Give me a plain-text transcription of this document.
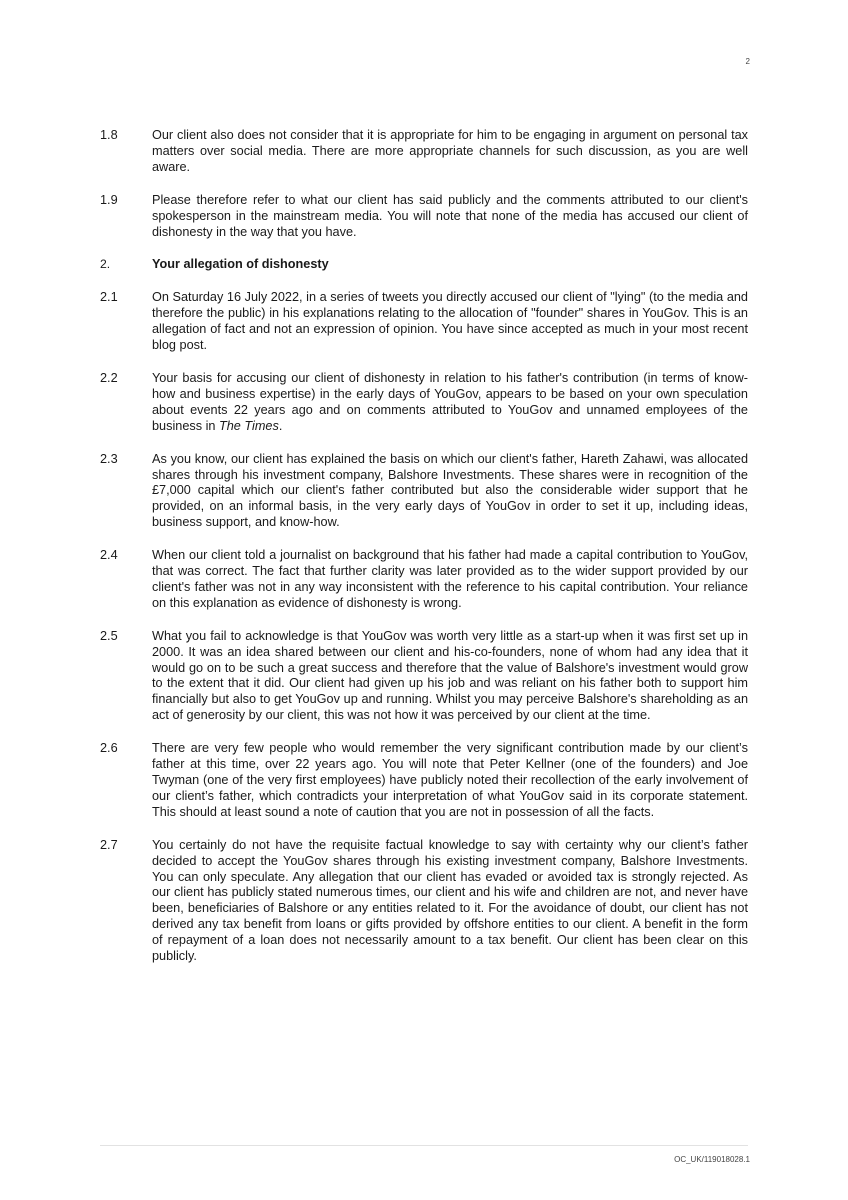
2
1.8	Our client also does not consider that it is appropriate for him to be engaging in argument on personal tax matters over social media. There are more appropriate channels for such discussion, as you are well aware.
1.9	Please therefore refer to what our client has said publicly and the comments attributed to our client's spokesperson in the mainstream media. You will note that none of the media has accused our client of dishonesty in the way that you have.
2.	Your allegation of dishonesty
2.1	On Saturday 16 July 2022, in a series of tweets you directly accused our client of "lying" (to the media and therefore the public) in his explanations relating to the allocation of "founder" shares in YouGov. This is an allegation of fact and not an expression of opinion. You have since accepted as much in your most recent blog post.
2.2	Your basis for accusing our client of dishonesty in relation to his father's contribution (in terms of know-how and business expertise) in the early days of YouGov, appears to be based on your own speculation about events 22 years ago and on comments attributed to YouGov and unnamed employees of the business in The Times.
2.3	As you know, our client has explained the basis on which our client's father, Hareth Zahawi, was allocated shares through his investment company, Balshore Investments. These shares were in recognition of the £7,000 capital which our client's father contributed but also the considerable wider support that he provided, on an informal basis, in the very early days of YouGov in order to set it up, including ideas, business support, and know-how.
2.4	When our client told a journalist on background that his father had made a capital contribution to YouGov, that was correct. The fact that further clarity was later provided as to the wider support provided by our client's father was not in any way inconsistent with the reference to his capital contribution. Your reliance on this explanation as evidence of dishonesty is wrong.
2.5	What you fail to acknowledge is that YouGov was worth very little as a start-up when it was first set up in 2000. It was an idea shared between our client and his-co-founders, none of whom had any idea that it would go on to be such a great success and therefore that the value of Balshore's investment would grow to the extent that it did. Our client had given up his job and was reliant on his father both to support him financially but also to get YouGov up and running. Whilst you may perceive Balshore's shareholding as an act of generosity by our client, this was not how it was perceived by our client at the time.
2.6	There are very few people who would remember the very significant contribution made by our client’s father at this time, over 22 years ago. You will note that Peter Kellner (one of the founders) and Joe Twyman (one of the very first employees) have publicly noted their recollection of the early involvement of our client’s father, which contradicts your interpretation of what YouGov said in its corporate statement. This should at least sound a note of caution that you are not in possession of all the facts.
2.7	You certainly do not have the requisite factual knowledge to say with certainty why our client’s father decided to accept the YouGov shares through his existing investment company, Balshore Investments. You can only speculate. Any allegation that our client has evaded or avoided tax is strongly rejected. As our client has publicly stated numerous times, our client and his wife and children are not, and never have been, beneficiaries of Balshore or any entities related to it. For the avoidance of doubt, our client has not derived any tax benefit from loans or gifts provided by offshore entities to our client. A benefit in the form of repayment of a loan does not necessarily amount to a tax benefit. Our client has been clear on this publicly.
OC_UK/119018028.1
